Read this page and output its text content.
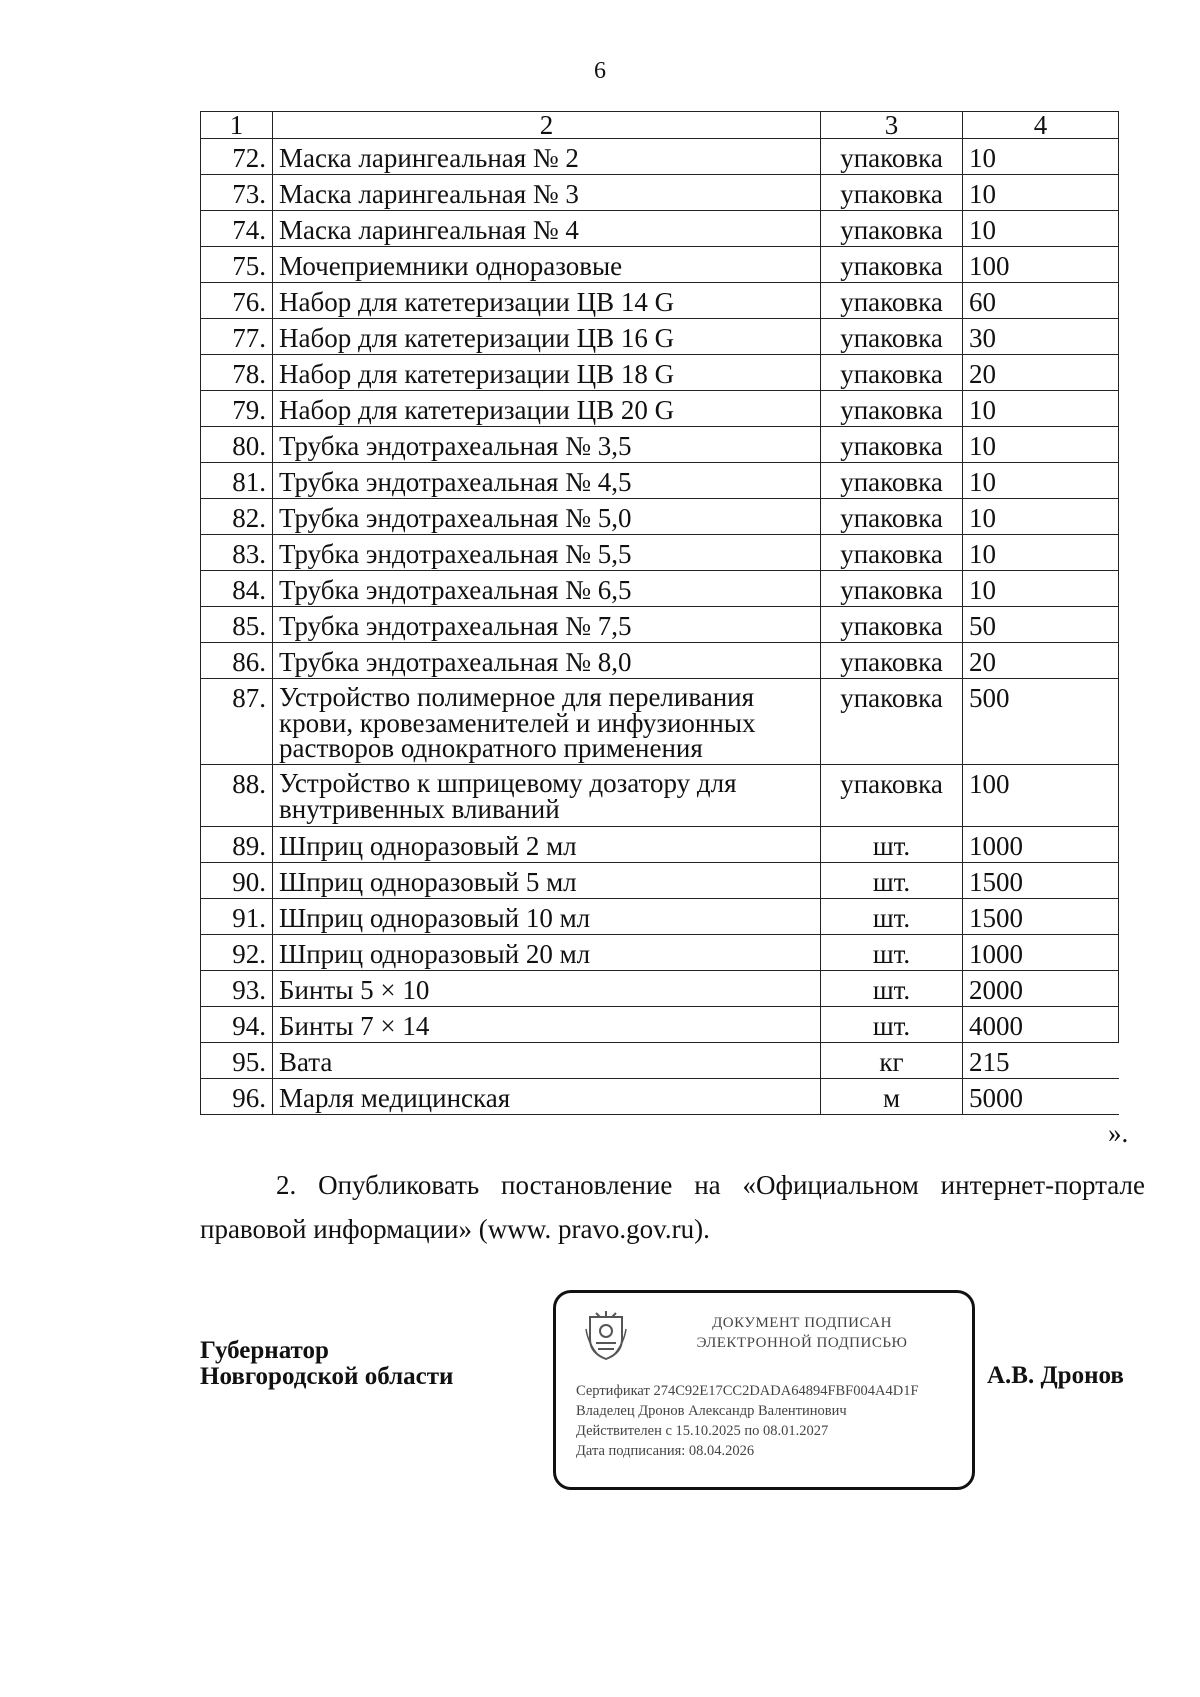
6
1	2	3	4
72.	Маска ларингеальная № 2	упаковка	10
73.	Маска ларингеальная № 3	упаковка	10
74.	Маска ларингеальная № 4	упаковка	10
75.	Мочеприемники одноразовые	упаковка	100
76.	Набор для катетеризации ЦВ 14 G	упаковка	60
77.	Набор для катетеризации ЦВ 16 G	упаковка	30
78.	Набор для катетеризации ЦВ 18 G	упаковка	20
79.	Набор для катетеризации ЦВ 20 G	упаковка	10
80.	Трубка эндотрахеальная № 3,5	упаковка	10
81.	Трубка эндотрахеальная № 4,5	упаковка	10
82.	Трубка эндотрахеальная № 5,0	упаковка	10
83.	Трубка эндотрахеальная № 5,5	упаковка	10
84.	Трубка эндотрахеальная № 6,5	упаковка	10
85.	Трубка эндотрахеальная № 7,5	упаковка	50
86.	Трубка эндотрахеальная № 8,0	упаковка	20
87.	Устройство полимерное для переливания
крови, кровезаменителей и инфузионных
растворов однократного применения	упаковка	500
88.	Устройство к шприцевому дозатору для
внутривенных вливаний	упаковка	100
89.	Шприц одноразовый 2 мл	шт.	1000
90.	Шприц одноразовый 5 мл	шт.	1500
91.	Шприц одноразовый 10 мл	шт.	1500
92.	Шприц одноразовый 20 мл	шт.	1000
93.	Бинты 5 × 10	шт.	2000
94.	Бинты 7 × 14	шт.	4000
95.	Вата	кг	215
96.	Марля медицинская	м	5000
».
2. Опубликовать постановление на «Официальном интернет-портале
правовой информации» (www. pravo.gov.ru).
Губернатор
Новгородской области
ДОКУМЕНТ ПОДПИСАН
ЭЛЕКТРОННОЙ ПОДПИСЬЮ
Сертификат 274C92E17CC2DADA64894FBF004A4D1F
Владелец Дронов Александр Валентинович
Действителен с 15.10.2025 по 08.01.2027
Дата подписания: 08.04.2026
А.В. Дронов
